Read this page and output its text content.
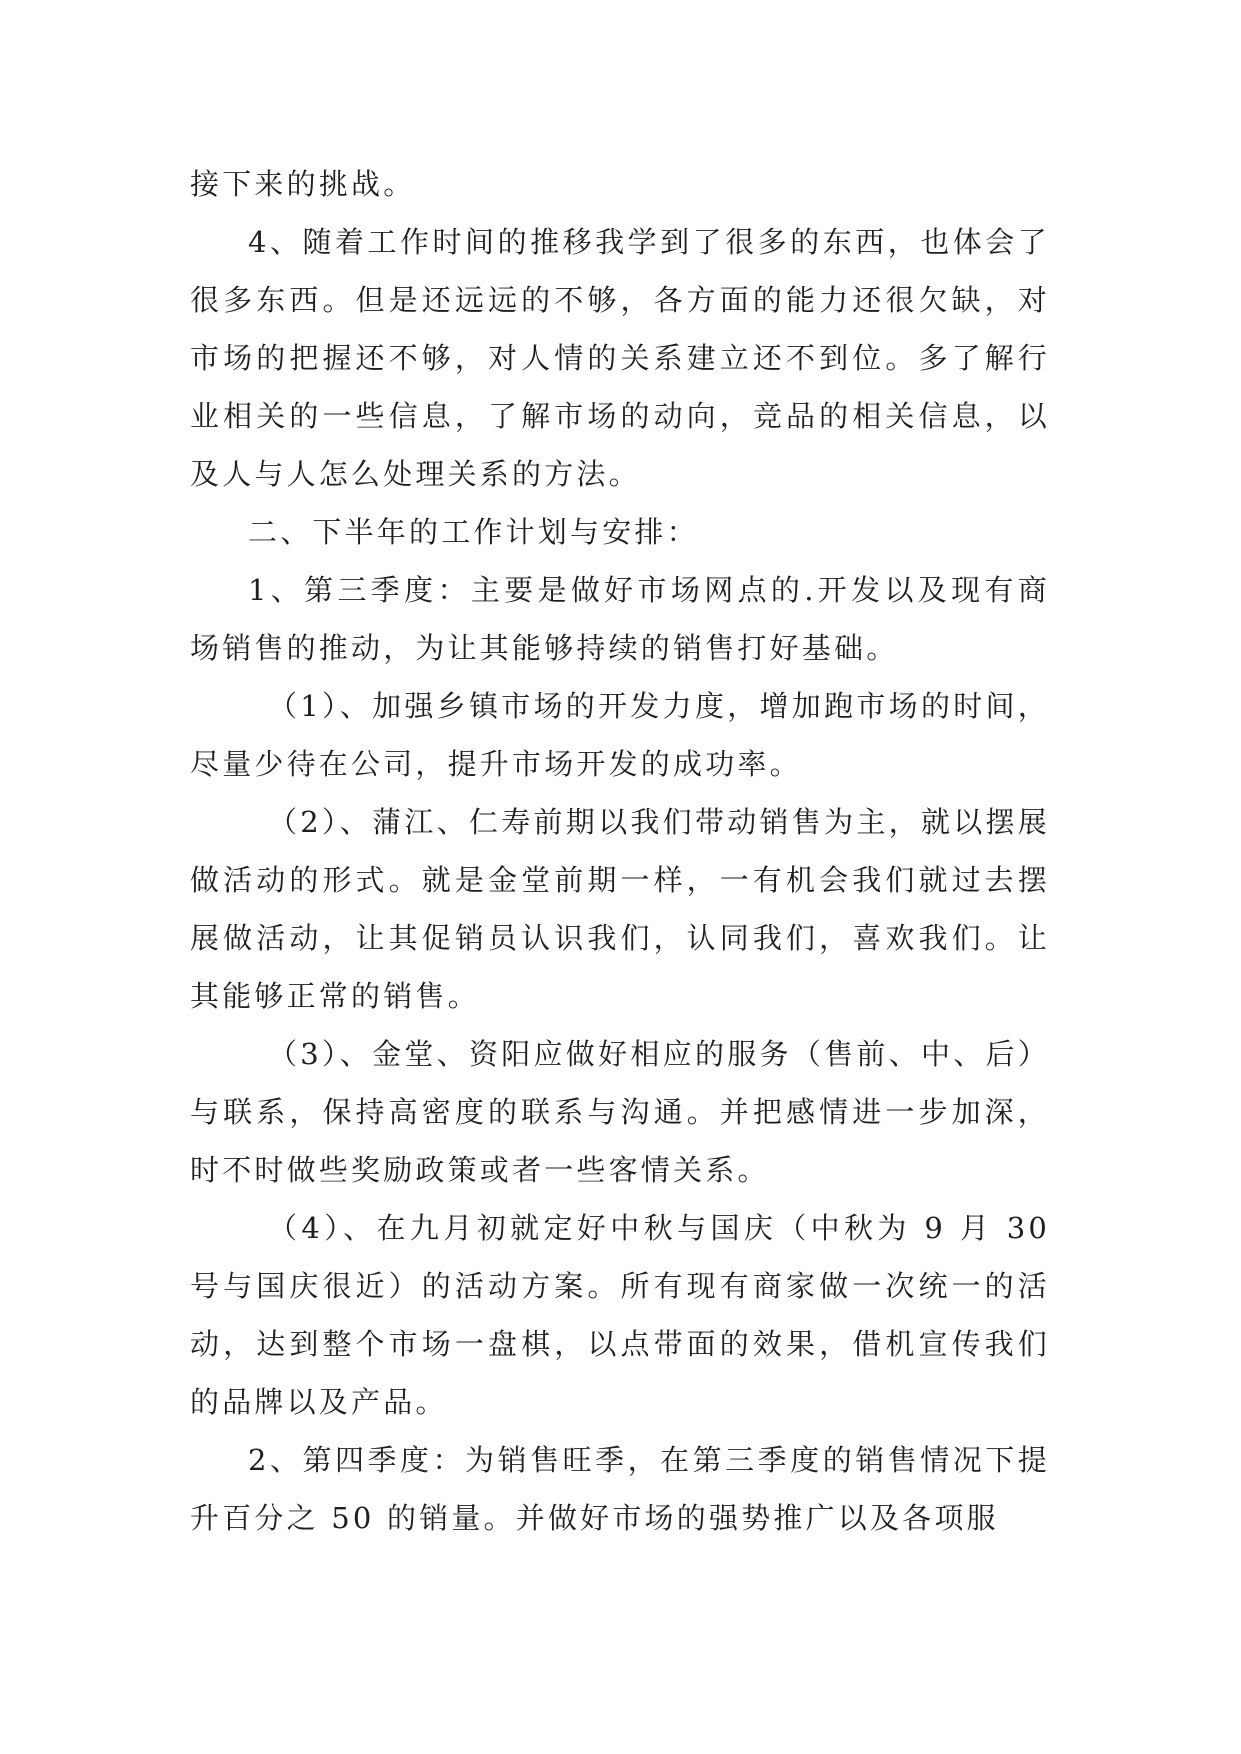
接下来的挑战。

4、随着工作时间的推移我学到了很多的东西，也体会了很多东西。但是还远远的不够，各方面的能力还很欠缺，对市场的把握还不够，对人情的关系建立还不到位。多了解行业相关的一些信息，了解市场的动向，竞品的相关信息，以及人与人怎么处理关系的方法。

二、下半年的工作计划与安排：

1、第三季度：主要是做好市场网点的.开发以及现有商场销售的推动，为让其能够持续的销售打好基础。

（1）、加强乡镇市场的开发力度，增加跑市场的时间，尽量少待在公司，提升市场开发的成功率。

（2）、蒲江、仁寿前期以我们带动销售为主，就以摆展做活动的形式。就是金堂前期一样，一有机会我们就过去摆展做活动，让其促销员认识我们，认同我们，喜欢我们。让其能够正常的销售。

（3）、金堂、资阳应做好相应的服务（售前、中、后）与联系，保持高密度的联系与沟通。并把感情进一步加深，时不时做些奖励政策或者一些客情关系。

（4）、在九月初就定好中秋与国庆（中秋为 9 月 30 号与国庆很近）的活动方案。所有现有商家做一次统一的活动，达到整个市场一盘棋，以点带面的效果，借机宣传我们的品牌以及产品。

2、第四季度：为销售旺季，在第三季度的销售情况下提升百分之 50 的销量。并做好市场的强势推广以及各项服
